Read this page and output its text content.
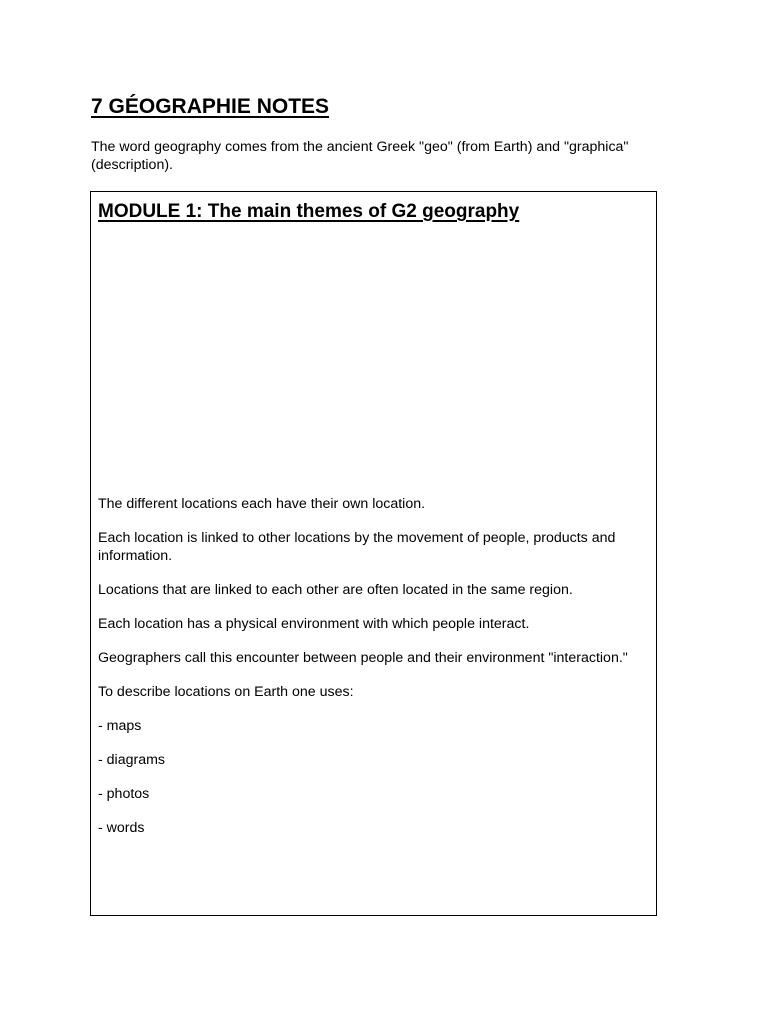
7 GÉOGRAPHIE NOTES

The word geography comes from the ancient Greek "geo" (from Earth) and "graphica" (description).

MODULE 1: The main themes of G2 geography

The different locations each have their own location.

Each location is linked to other locations by the movement of people, products and information.

Locations that are linked to each other are often located in the same region.

Each location has a physical environment with which people interact.

Geographers call this encounter between people and their environment "interaction."

To describe locations on Earth one uses:

- maps

- diagrams

- photos

- words
